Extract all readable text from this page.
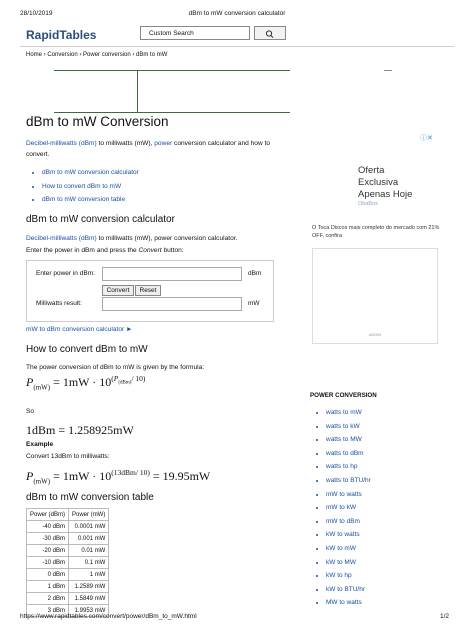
28/10/2019	dBm to mW conversion calculator
RapidTables	Custom Search
Home › Conversion › Power conversion › dBm to mW
dBm to mW Conversion
Decibel-milliwatts (dBm) to milliwatts (mW), power conversion calculator and how to convert.
• dBm to mW conversion calculator
• How to convert dBm to mW
• dBm to mW conversion table
dBm to mW conversion calculator
Decibel-milliwatts (dBm) to milliwatts (mW), power conversion calculator.
Enter the power in dBm and press the Convert button:
Enter power in dBm:	dBm
Convert	Reset
Milliwatts result:	mW
mW to dBm conversion calculator ►
How to convert dBm to mW
The power conversion of dBm to mW is given by the formula:
$P_{(mW)} = 1mW \cdot 10^{(P_{(dBm)}/ 10)}$
So
1dBm = 1.258925mW
Example
Convert 13dBm to milliwatts:
$P_{(mW)} = 1mW \cdot 10^{(13dBm/ 10)} = 19.95mW$
dBm to mW conversion table
Power (dBm)	Power (mW)
-40 dBm	0.0001 mW
-30 dBm	0.001 mW
-20 dBm	0.01 mW
-10 dBm	0.1 mW
0 dBm	1 mW
1 dBm	1.2589 mW
2 dBm	1.5849 mW
3 dBm	1.9953 mW
ⓘ✕
Oferta
Exclusiva
Apenas Hoje
ObaBox
O Toca Discos mais completo do mercado com 21% OFF, confira
ADDIN
POWER CONVERSION
• watts to mW
• watts to kW
• watts to MW
• watts to dBm
• watts to hp
• watts to BTU/hr
• mW to watts
• mW to kW
• mW to dBm
• kW to watts
• kW to mW
• kW to MW
• kW to hp
• kW to BTU/hr
• MW to watts
https://www.rapidtables.com/convert/power/dBm_to_mW.html	1/2
